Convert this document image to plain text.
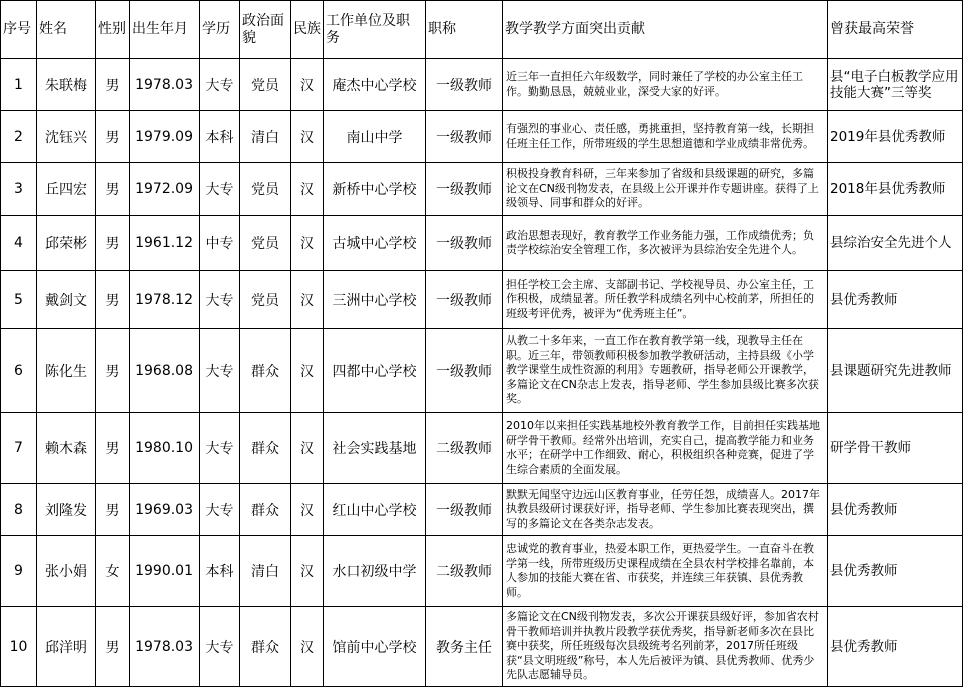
序号	姓名	性别	出生年月	学历	政治面貌	民族	工作单位及职务	职称	教学教学方面突出贡献	曾获最高荣誉
1	朱联梅	男	1978.03	大专	党员	汉	庵杰中心学校	一级教师	近三年一直担任六年级数学，同时兼任了学校的办公室主任工作。勤勤恳恳，兢兢业业，深受大家的好评。	县“电子白板教学应用技能大赛”三等奖
2	沈钰兴	男	1979.09	本科	清白	汉	南山中学	一级教师	有强烈的事业心、责任感，勇挑重担，坚持教育第一线，长期担任班主任工作，所带班级的学生思想道德和学业成绩非常优秀。	2019年县优秀教师
3	丘四宏	男	1972.09	大专	党员	汉	新桥中心学校	一级教师	积极投身教育科研，三年来参加了省级和县级课题的研究，多篇论文在CN级刊物发表，在县级上公开课并作专题讲座。获得了上级领导、同事和群众的好评。	2018年县优秀教师
4	邱荣彬	男	1961.12	中专	党员	汉	古城中心学校	一级教师	政治思想表现好，教育教学工作业务能力强，工作成绩优秀；负责学校综治安全管理工作，多次被评为县综治安全先进个人。	县综治安全先进个人
5	戴剑文	男	1978.12	大专	党员	汉	三洲中心学校	一级教师	担任学校工会主席、支部副书记、学校视导员、办公室主任，工作积极，成绩显著。所任教学科成绩名列中心校前茅，所担任的班级考评优秀，被评为“优秀班主任”。	县优秀教师
6	陈化生	男	1968.08	大专	群众	汉	四都中心学校	一级教师	从教二十多年来，一直工作在教育教学第一线，现教导主任在职。近三年，带领教师积极参加教学教研活动，主持县级《小学教学课堂生成性资源的利用》专题教研，指导老师公开课教学，多篇论文在CN杂志上发表，指导老师、学生参加县级比赛多次获奖。	县课题研究先进教师
7	赖木森	男	1980.10	大专	群众	汉	社会实践基地	二级教师	2010年以来担任实践基地校外教育教学工作，目前担任实践基地研学骨干教师。经常外出培训，充实自己，提高教学能力和业务水平；在研学中工作细致、耐心，积极组织各种竞赛，促进了学生综合素质的全面发展。	研学骨干教师
8	刘隆发	男	1969.03	大专	群众	汉	红山中心学校	一级教师	默默无闻坚守边远山区教育事业，任劳任怨，成绩喜人。2017年执教县级研讨课获好评，指导老师、学生参加比赛表现突出，撰写的多篇论文在各类杂志发表。	县优秀教师
9	张小娟	女	1990.01	本科	清白	汉	水口初级中学	二级教师	忠诚党的教育事业，热爱本职工作，更热爱学生。一直奋斗在教学第一线，所带班级历史课程成绩在全县农村学校排名靠前，本人参加的技能大赛在省、市获奖，并连续三年获镇、县优秀教师。	县优秀教师
10	邱洋明	男	1978.03	大专	群众	汉	馆前中心学校	教务主任	多篇论文在CN级刊物发表，多次公开课获县级好评，参加省农村骨干教师培训并执教片段教学获优秀奖，指导新老师多次在县比赛中获奖，所任班级每次县级统考名列前茅，2017所任班级获“县文明班级”称号，本人先后被评为镇、县优秀教师、优秀少先队志愿辅导员。	县优秀教师
